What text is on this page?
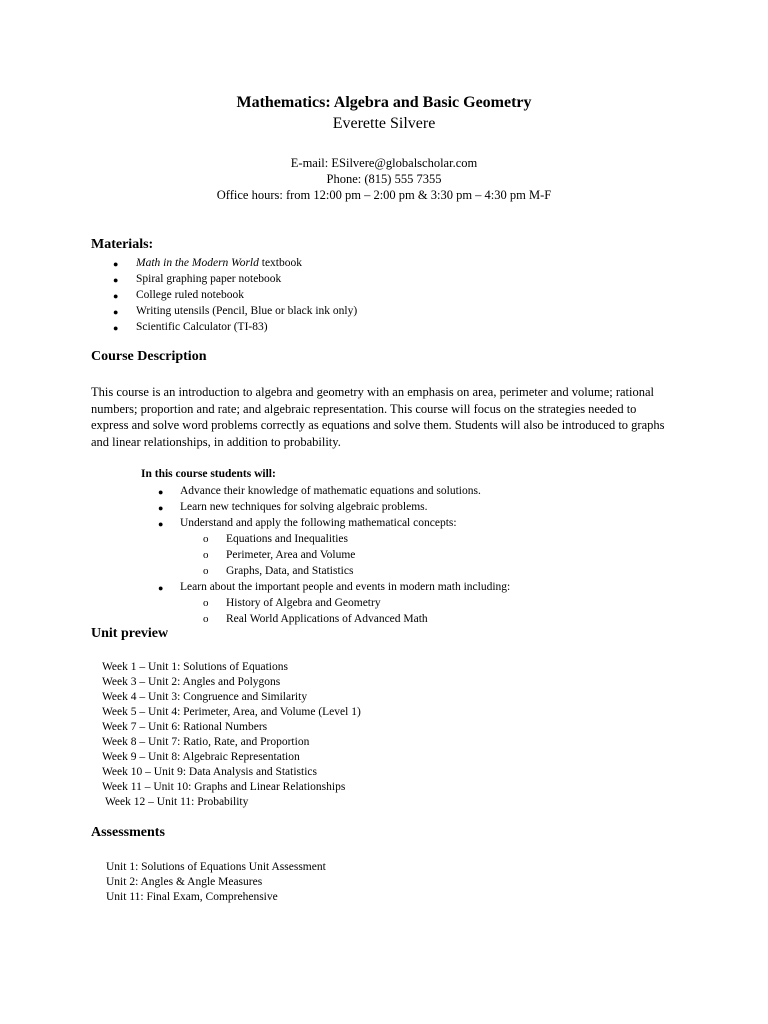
Mathematics: Algebra and Basic Geometry
Everette Silvere
E-mail: ESilvere@globalscholar.com
Phone: (815) 555 7355
Office hours: from 12:00 pm – 2:00 pm & 3:30 pm – 4:30 pm M-F
Materials:
● Math in the Modern World textbook
● Spiral graphing paper notebook
● College ruled notebook
● Writing utensils (Pencil, Blue or black ink only)
● Scientific Calculator (TI-83)
Course Description
This course is an introduction to algebra and geometry with an emphasis on area, perimeter and volume; rational numbers; proportion and rate; and algebraic representation. This course will focus on the strategies needed to express and solve word problems correctly as equations and solve them. Students will also be introduced to graphs and linear relationships, in addition to probability.
In this course students will:
● Advance their knowledge of mathematic equations and solutions.
● Learn new techniques for solving algebraic problems.
● Understand and apply the following mathematical concepts:
o Equations and Inequalities
o Perimeter, Area and Volume
o Graphs, Data, and Statistics
● Learn about the important people and events in modern math including:
o History of Algebra and Geometry
o Real World Applications of Advanced Math
Unit preview
Week 1 – Unit 1: Solutions of Equations
Week 3 – Unit 2: Angles and Polygons
Week 4 – Unit 3: Congruence and Similarity
Week 5 – Unit 4: Perimeter, Area, and Volume (Level 1)
Week 7 – Unit 6: Rational Numbers
Week 8 – Unit 7: Ratio, Rate, and Proportion
Week 9 – Unit 8: Algebraic Representation
Week 10 – Unit 9: Data Analysis and Statistics
Week 11 – Unit 10: Graphs and Linear Relationships
Week 12 – Unit 11: Probability
Assessments
Unit 1: Solutions of Equations Unit Assessment
Unit 2: Angles & Angle Measures
Unit 11: Final Exam, Comprehensive
